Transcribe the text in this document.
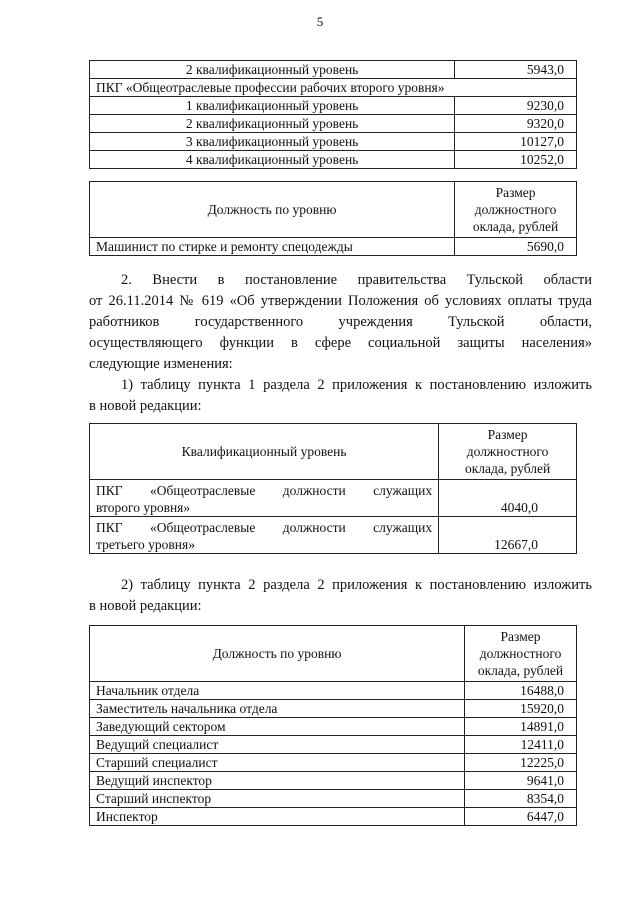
5
2 квалификационный уровень	5943,0
ПКГ «Общеотраслевые профессии рабочих второго уровня»	
1 квалификационный уровень	9230,0
2 квалификационный уровень	9320,0
3 квалификационный уровень	10127,0
4 квалификационный уровень	10252,0
Должность по уровню	Размер
должностного
оклада, рублей

Машинист по стирке и ремонту спецодежды	5690,0
2. Внести в постановление правительства Тульской области
от 26.11.2014 № 619 «Об утверждении Положения об условиях оплаты труда
работников государственного учреждения Тульской области,
осуществляющего функции в сфере социальной защиты населения»
следующие изменения:
1) таблицу пункта 1 раздела 2 приложения к постановлению изложить
в новой редакции:
Квалификационный уровень	Размер
должностного
оклада, рублей

ПКГ «Общеотраслевые должности служащих
второго уровня»	4040,0

ПКГ «Общеотраслевые должности служащих
третьего уровня»	12667,0
2) таблицу пункта 2 раздела 2 приложения к постановлению изложить
в новой редакции:
Должность по уровню	Размер
должностного
оклада, рублей

Начальник отдела	16488,0
Заместитель начальника отдела	15920,0
Заведующий сектором	14891,0
Ведущий специалист	12411,0
Старший специалист	12225,0
Ведущий инспектор	9641,0
Старший инспектор	8354,0
Инспектор	6447,0
